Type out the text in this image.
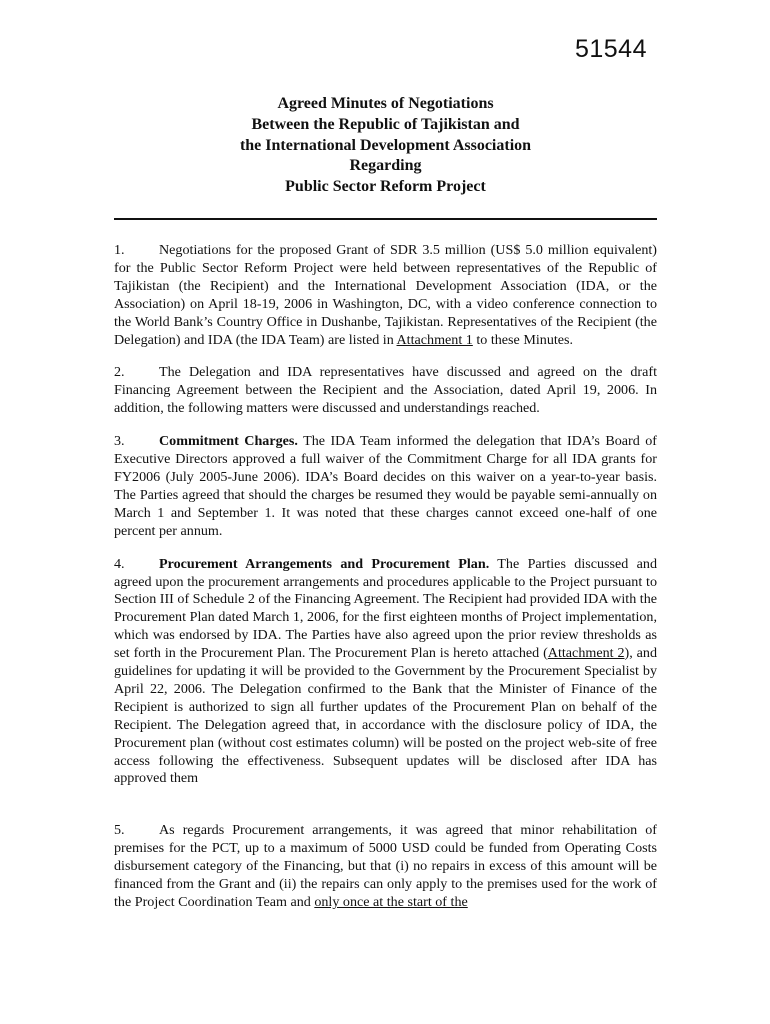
51544
Agreed Minutes of Negotiations
Between the Republic of Tajikistan and
the International Development Association
Regarding
Public Sector Reform Project

1. Negotiations for the proposed Grant of SDR 3.5 million (US$ 5.0 million equivalent) for the Public Sector Reform Project were held between representatives of the Republic of Tajikistan (the Recipient) and the International Development Association (IDA, or the Association) on April 18-19, 2006 in Washington, DC, with a video conference connection to the World Bank’s Country Office in Dushanbe, Tajikistan. Representatives of the Recipient (the Delegation) and IDA (the IDA Team) are listed in Attachment 1 to these Minutes.

2. The Delegation and IDA representatives have discussed and agreed on the draft Financing Agreement between the Recipient and the Association, dated April 19, 2006. In addition, the following matters were discussed and understandings reached.

3. Commitment Charges. The IDA Team informed the delegation that IDA’s Board of Executive Directors approved a full waiver of the Commitment Charge for all IDA grants for FY2006 (July 2005-June 2006). IDA’s Board decides on this waiver on a year-to-year basis. The Parties agreed that should the charges be resumed they would be payable semi-annually on March 1 and September 1. It was noted that these charges cannot exceed one-half of one percent per annum.

4. Procurement Arrangements and Procurement Plan. The Parties discussed and agreed upon the procurement arrangements and procedures applicable to the Project pursuant to Section III of Schedule 2 of the Financing Agreement. The Recipient had provided IDA with the Procurement Plan dated March 1, 2006, for the first eighteen months of Project implementation, which was endorsed by IDA. The Parties have also agreed upon the prior review thresholds as set forth in the Procurement Plan. The Procurement Plan is hereto attached (Attachment 2), and guidelines for updating it will be provided to the Government by the Procurement Specialist by April 22, 2006. The Delegation confirmed to the Bank that the Minister of Finance of the Recipient is authorized to sign all further updates of the Procurement Plan on behalf of the Recipient. The Delegation agreed that, in accordance with the disclosure policy of IDA, the Procurement plan (without cost estimates column) will be posted on the project web-site of free access following the effectiveness. Subsequent updates will be disclosed after IDA has approved them

5. As regards Procurement arrangements, it was agreed that minor rehabilitation of premises for the PCT, up to a maximum of 5000 USD could be funded from Operating Costs disbursement category of the Financing, but that (i) no repairs in excess of this amount will be financed from the Grant and (ii) the repairs can only apply to the premises used for the work of the Project Coordination Team and only once at the start of the
